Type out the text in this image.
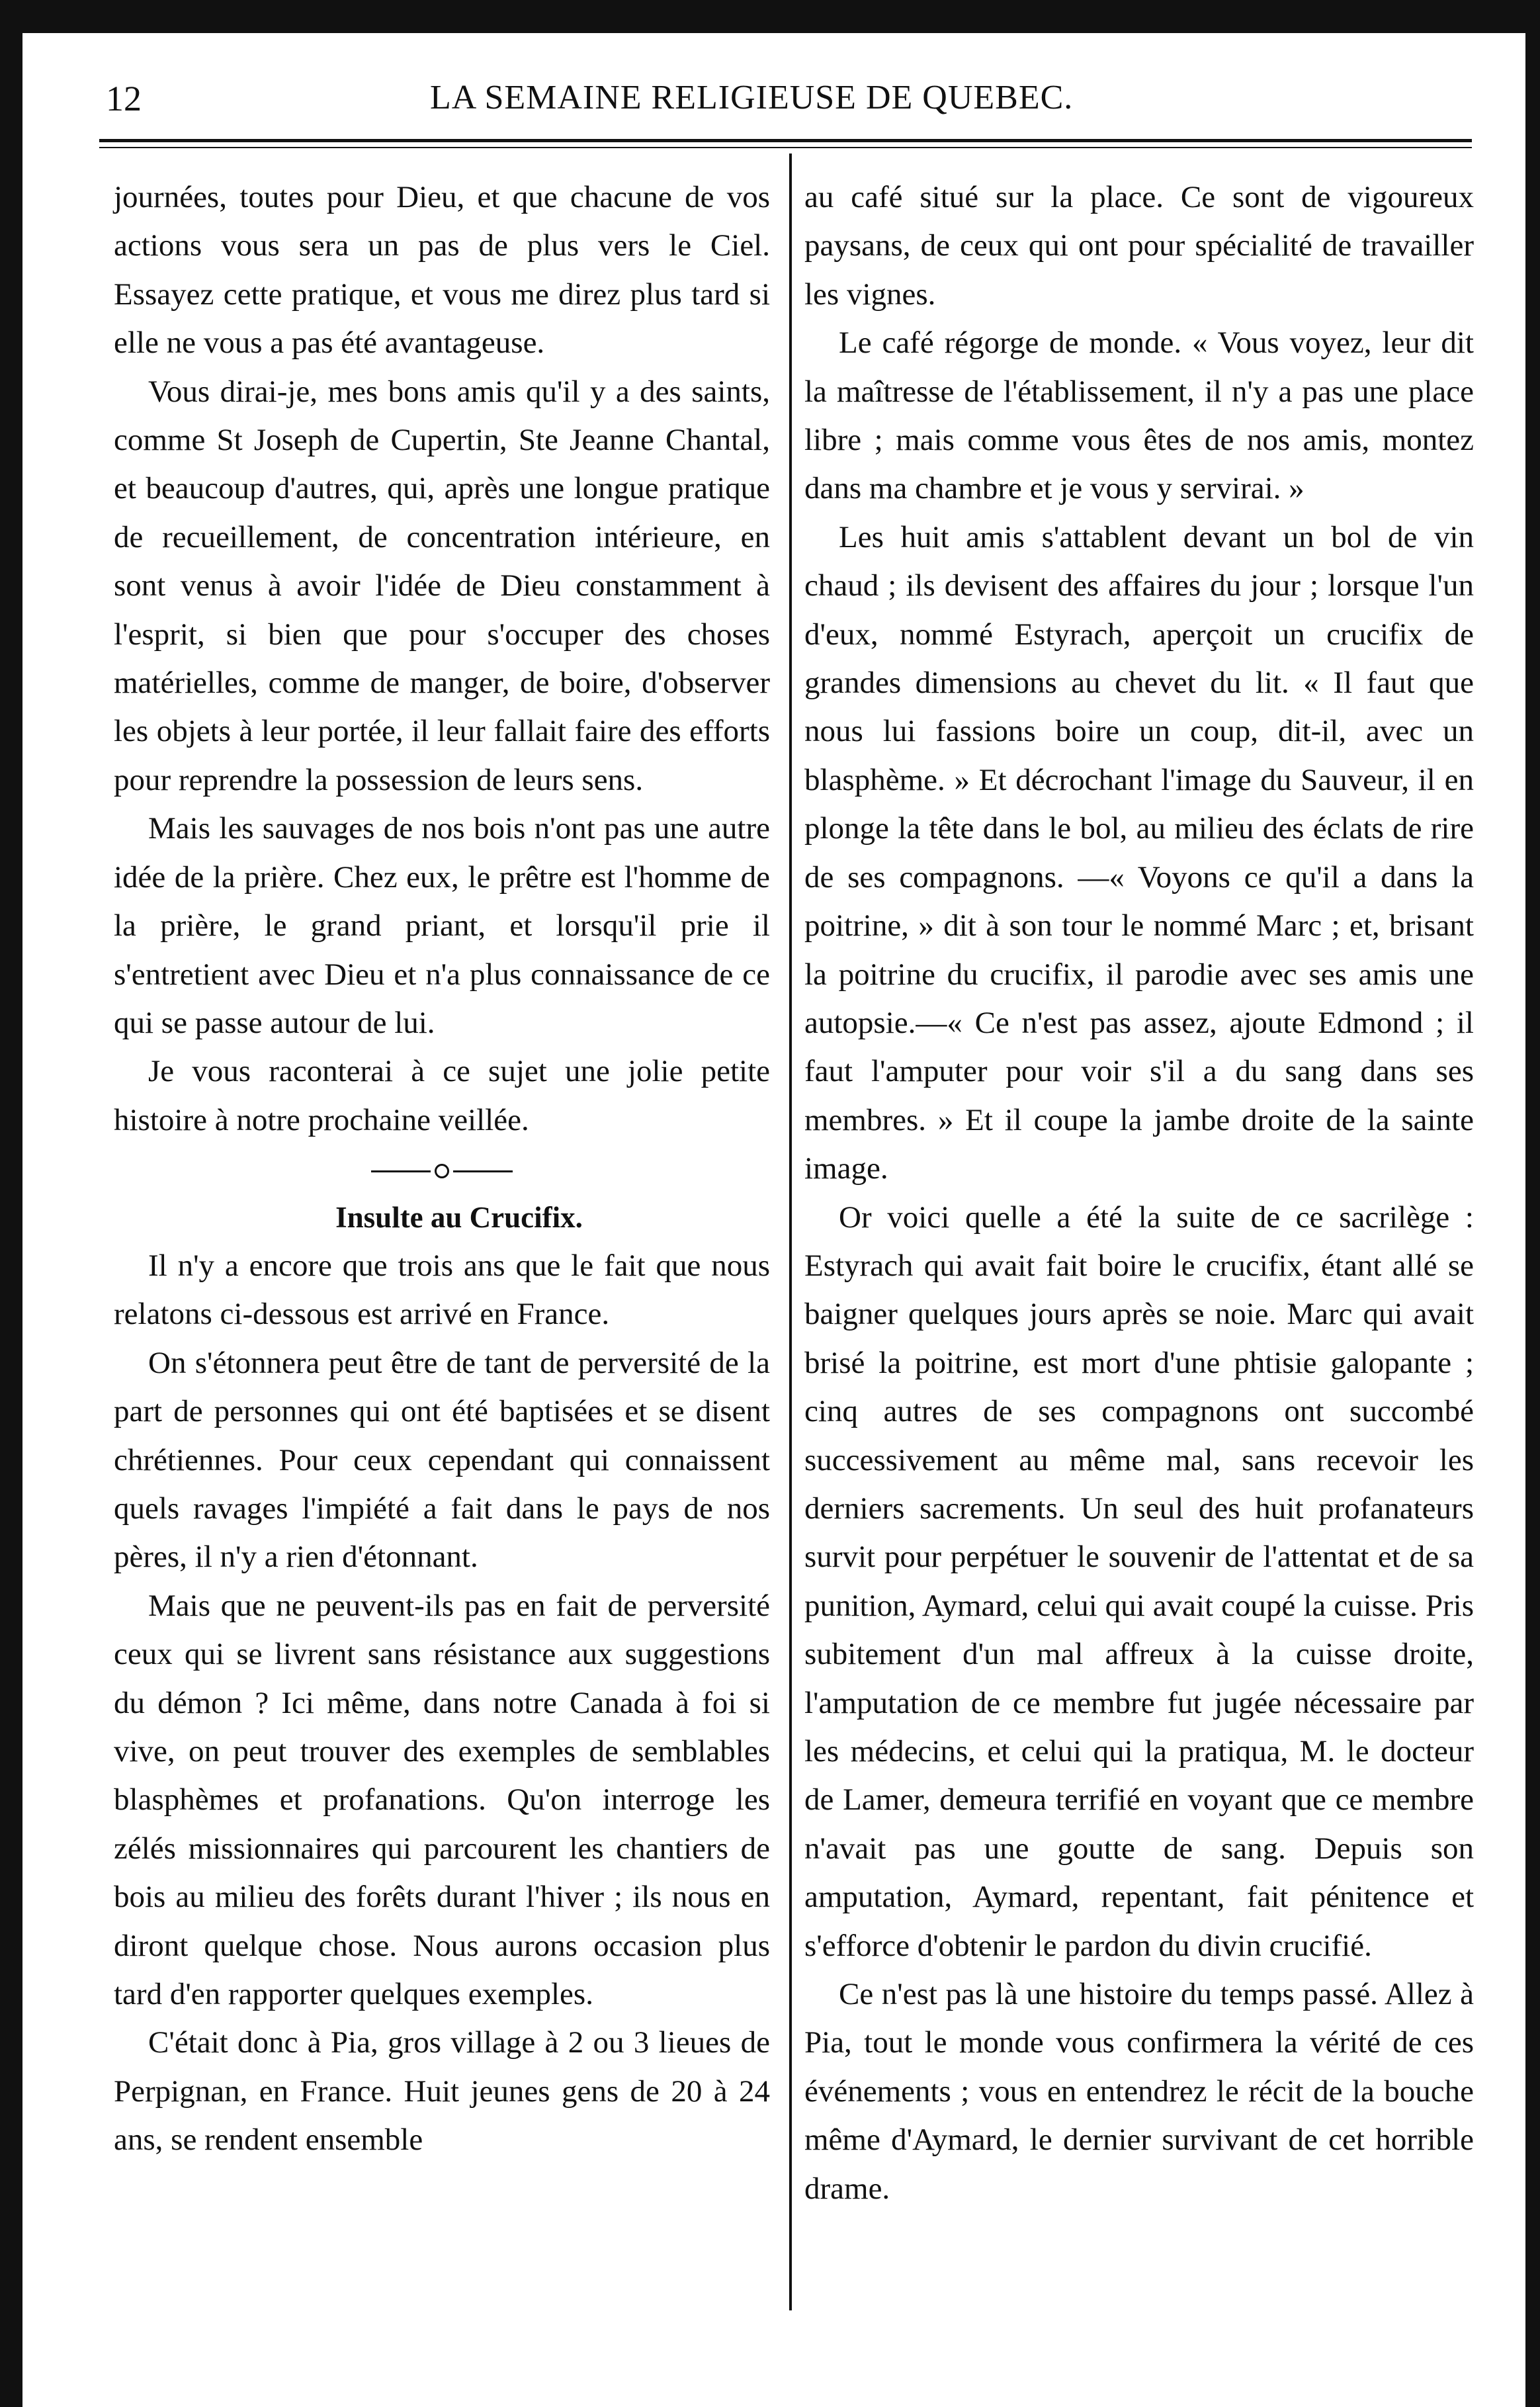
12	LA SEMAINE RELIGIEUSE DE QUEBEC.

journées, toutes pour Dieu, et que chacune de vos actions vous sera un pas de plus vers le Ciel. Essayez cette pratique, et vous me direz plus tard si elle ne vous a pas été avantageuse.

Vous dirai-je, mes bons amis qu'il y a des saints, comme St Joseph de Cupertin, Ste Jeanne Chantal, et beaucoup d'autres, qui, après une longue pratique de recueillement, de concentration intérieure, en sont venus à avoir l'idée de Dieu constamment à l'esprit, si bien que pour s'occuper des choses matérielles, comme de manger, de boire, d'observer les objets à leur portée, il leur fallait faire des efforts pour reprendre la possession de leurs sens.

Mais les sauvages de nos bois n'ont pas une autre idée de la prière. Chez eux, le prêtre est l'homme de la prière, le grand priant, et lorsqu'il prie il s'entretient avec Dieu et n'a plus connaissance de ce qui se passe autour de lui.

Je vous raconterai à ce sujet une jolie petite histoire à notre prochaine veillée.

Insulte au Crucifix.

Il n'y a encore que trois ans que le fait que nous relatons ci-dessous est arrivé en France.

On s'étonnera peut être de tant de perversité de la part de personnes qui ont été baptisées et se disent chrétiennes. Pour ceux cependant qui connaissent quels ravages l'impiété a fait dans le pays de nos pères, il n'y a rien d'étonnant.

Mais que ne peuvent-ils pas en fait de perversité ceux qui se livrent sans résistance aux suggestions du démon ? Ici même, dans notre Canada à foi si vive, on peut trouver des exemples de semblables blasphèmes et profanations. Qu'on interroge les zélés missionnaires qui parcourent les chantiers de bois au milieu des forêts durant l'hiver ; ils nous en diront quelque chose. Nous aurons occasion plus tard d'en rapporter quelques exemples.

C'était donc à Pia, gros village à 2 ou 3 lieues de Perpignan, en France. Huit jeunes gens de 20 à 24 ans, se rendent ensemble

au café situé sur la place. Ce sont de vigoureux paysans, de ceux qui ont pour spécialité de travailler les vignes.

Le café régorge de monde. « Vous voyez, leur dit la maîtresse de l'établissement, il n'y a pas une place libre ; mais comme vous êtes de nos amis, montez dans ma chambre et je vous y servirai. »

Les huit amis s'attablent devant un bol de vin chaud ; ils devisent des affaires du jour ; lorsque l'un d'eux, nommé Estyrach, aperçoit un crucifix de grandes dimensions au chevet du lit. « Il faut que nous lui fassions boire un coup, dit-il, avec un blasphème. » Et décrochant l'image du Sauveur, il en plonge la tête dans le bol, au milieu des éclats de rire de ses compagnons. —« Voyons ce qu'il a dans la poitrine, » dit à son tour le nommé Marc ; et, brisant la poitrine du crucifix, il parodie avec ses amis une autopsie.—« Ce n'est pas assez, ajoute Edmond ; il faut l'amputer pour voir s'il a du sang dans ses membres. » Et il coupe la jambe droite de la sainte image.

Or voici quelle a été la suite de ce sacrilège : Estyrach qui avait fait boire le crucifix, étant allé se baigner quelques jours après se noie. Marc qui avait brisé la poitrine, est mort d'une phtisie galopante ; cinq autres de ses compagnons ont succombé successivement au même mal, sans recevoir les derniers sacrements. Un seul des huit profanateurs survit pour perpétuer le souvenir de l'attentat et de sa punition, Aymard, celui qui avait coupé la cuisse. Pris subitement d'un mal affreux à la cuisse droite, l'amputation de ce membre fut jugée nécessaire par les médecins, et celui qui la pratiqua, M. le docteur de Lamer, demeura terrifié en voyant que ce membre n'avait pas une goutte de sang. Depuis son amputation, Aymard, repentant, fait pénitence et s'efforce d'obtenir le pardon du divin crucifié.

Ce n'est pas là une histoire du temps passé. Allez à Pia, tout le monde vous confirmera la vérité de ces événements ; vous en entendrez le récit de la bouche même d'Aymard, le dernier survivant de cet horrible drame.
